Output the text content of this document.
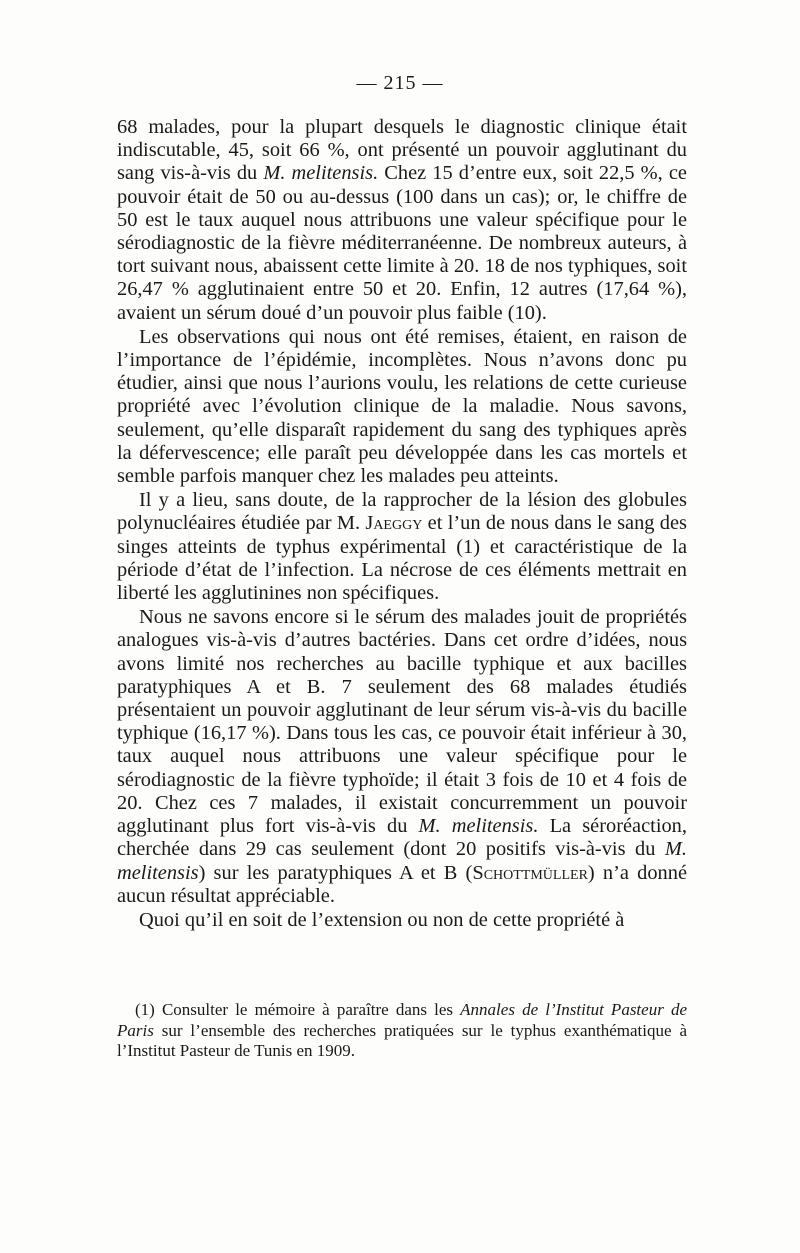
— 215 —

68 malades, pour la plupart desquels le diagnostic clinique était indiscutable, 45, soit 66 %, ont présenté un pouvoir agglutinant du sang vis-à-vis du M. melitensis. Chez 15 d’entre eux, soit 22,5 %, ce pouvoir était de 50 ou au-dessus (100 dans un cas); or, le chiffre de 50 est le taux auquel nous attribuons une valeur spécifique pour le sérodiagnostic de la fièvre méditerranéenne. De nombreux auteurs, à tort suivant nous, abaissent cette limite à 20. 18 de nos typhiques, soit 26,47 % agglutinaient entre 50 et 20. Enfin, 12 autres (17,64 %), avaient un sérum doué d’un pouvoir plus faible (10).

Les observations qui nous ont été remises, étaient, en raison de l’importance de l’épidémie, incomplètes. Nous n’avons donc pu étudier, ainsi que nous l’aurions voulu, les relations de cette curieuse propriété avec l’évolution clinique de la maladie. Nous savons, seulement, qu’elle disparaît rapidement du sang des typhiques après la défervescence; elle paraît peu développée dans les cas mortels et semble parfois manquer chez les malades peu atteints.

Il y a lieu, sans doute, de la rapprocher de la lésion des globules polynucléaires étudiée par M. Jaeggy et l’un de nous dans le sang des singes atteints de typhus expérimental (1) et caractéristique de la période d’état de l’infection. La nécrose de ces éléments mettrait en liberté les agglutinines non spécifiques.

Nous ne savons encore si le sérum des malades jouit de propriétés analogues vis-à-vis d’autres bactéries. Dans cet ordre d’idées, nous avons limité nos recherches au bacille typhique et aux bacilles paratyphiques A et B. 7 seulement des 68 malades étudiés présentaient un pouvoir agglutinant de leur sérum vis-à-vis du bacille typhique (16,17 %). Dans tous les cas, ce pouvoir était inférieur à 30, taux auquel nous attribuons une valeur spécifique pour le sérodiagnostic de la fièvre typhoïde; il était 3 fois de 10 et 4 fois de 20. Chez ces 7 malades, il existait concurremment un pouvoir agglutinant plus fort vis-à-vis du M. melitensis. La séroréaction, cherchée dans 29 cas seulement (dont 20 positifs vis-à-vis du M. melitensis) sur les paratyphiques A et B (Schottmüller) n’a donné aucun résultat appréciable.

Quoi qu’il en soit de l’extension ou non de cette propriété à

(1) Consulter le mémoire à paraître dans les Annales de l’Institut Pasteur de Paris sur l’ensemble des recherches pratiquées sur le typhus exanthématique à l’Institut Pasteur de Tunis en 1909.
